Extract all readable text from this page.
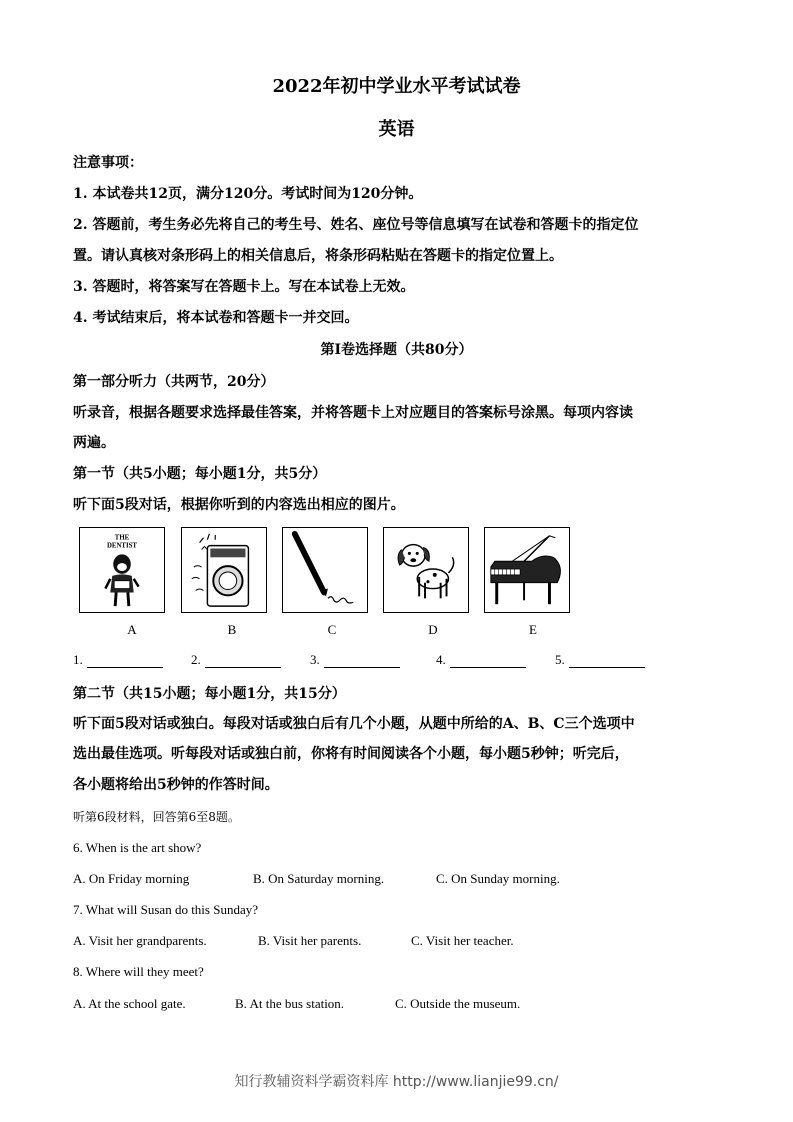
2022年初中学业水平考试试卷
英语
注意事项：
1. 本试卷共12页，满分120分。考试时间为120分钟。
2. 答题前，考生务必先将自己的考生号、姓名、座位号等信息填写在试卷和答题卡的指定位
置。请认真核对条形码上的相关信息后，将条形码粘贴在答题卡的指定位置上。
3. 答题时，将答案写在答题卡上。写在本试卷上无效。
4. 考试结束后，将本试卷和答题卡一并交回。
第I卷选择题（共80分）
第一部分听力（共两节，20分）
听录音，根据各题要求选择最佳答案，并将答题卡上对应题目的答案标号涂黑。每项内容读
两遍。
第一节（共5小题；每小题1分，共5分）
听下面5段对话，根据你听到的内容选出相应的图片。
THE
DENTIST
A	B	C	D	E
1.	2.	3.	4.	5.
第二节（共15小题；每小题1分，共15分）
听下面5段对话或独白。每段对话或独白后有几个小题，从题中所给的A、B、C三个选项中
选出最佳选项。听每段对话或独白前，你将有时间阅读各个小题，每小题5秒钟；听完后，
各小题将给出5秒钟的作答时间。
听第6段材料，回答第6至8题。
6. When is the art show?
A. On Friday morning	B. On Saturday morning.	C. On Sunday morning.
7. What will Susan do this Sunday?
A. Visit her grandparents.	B. Visit her parents.	C. Visit her teacher.
8. Where will they meet?
A. At the school gate.	B. At the bus station.	C. Outside the museum.
知行教辅资料学霸资料库 http://www.lianjie99.cn/
